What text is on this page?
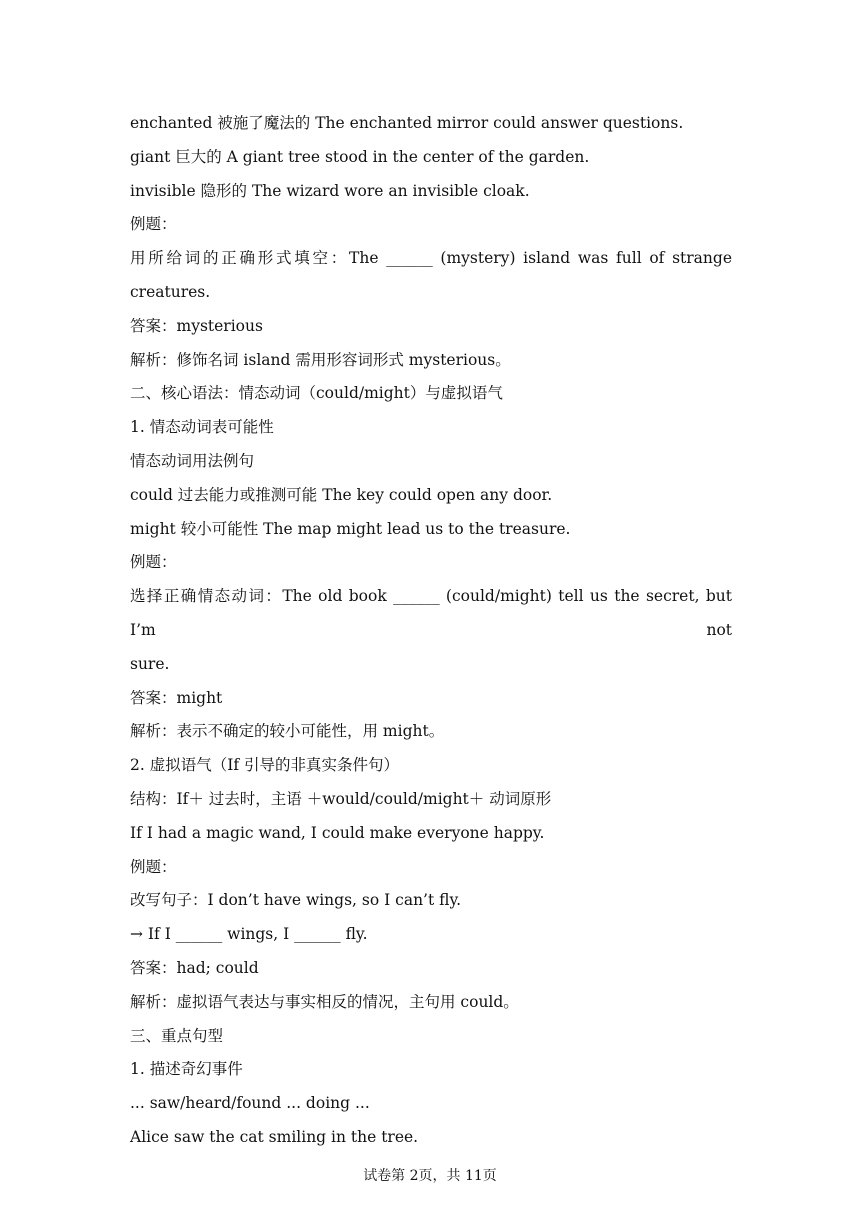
enchanted 被施了魔法的 The enchanted mirror could answer questions.
giant 巨大的 A giant tree stood in the center of the garden.
invisible 隐形的 The wizard wore an invisible cloak.
例题：
用所给词的正确形式填空：The ______ (mystery) island was full of strange
creatures.
答案：mysterious
解析：修饰名词 island 需用形容词形式 mysterious。
二、核心语法：情态动词（could/might）与虚拟语气
1. 情态动词表可能性
情态动词用法例句
could 过去能力或推测可能 The key could open any door.
might 较小可能性 The map might lead us to the treasure.
例题：
选择正确情态动词：The old book ______ (could/might) tell us the secret, but I’m not
sure.
答案：might
解析：表示不确定的较小可能性，用 might。
2. 虚拟语气（If 引导的非真实条件句）
结构：If＋ 过去时，主语 ＋would/could/might＋ 动词原形
If I had a magic wand, I could make everyone happy.
例题：
改写句子：I don’t have wings, so I can’t fly.
→ If I ______ wings, I ______ fly.
答案：had; could
解析：虚拟语气表达与事实相反的情况，主句用 could。
三、重点句型
1. 描述奇幻事件
... saw/heard/found ... doing ...
Alice saw the cat smiling in the tree.
试卷第 2页，共 11页
